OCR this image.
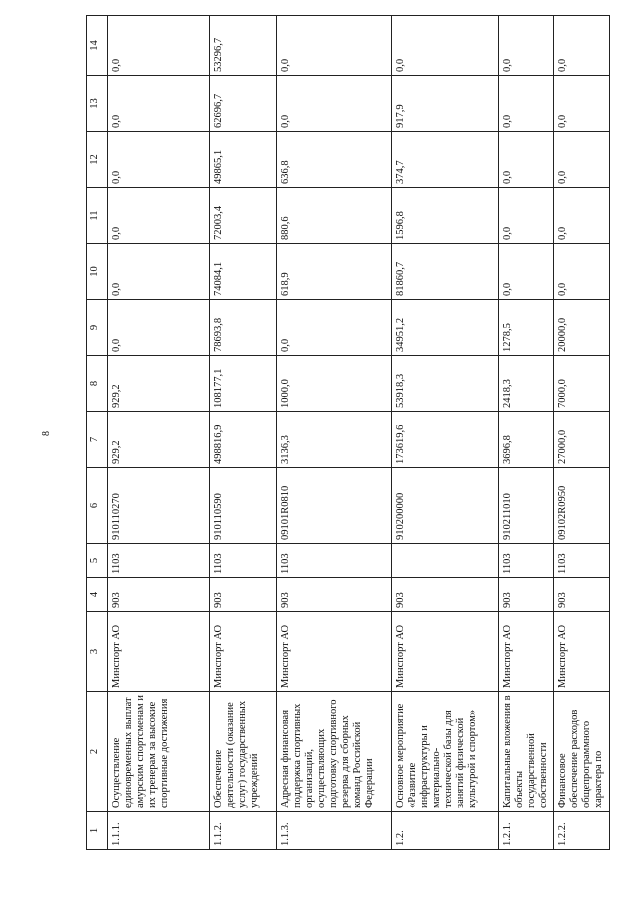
8
1	2	3	4	5	6	7	8	9	10	11	12	13	14
1.1.1.	Осуществление единовременных выплат амурским спортсменам и их тренерам за высокие спортивные достижения	Минспорт АО	903	1103	910110270	929,2	929,2	0,0	0,0	0,0	0,0	0,0	0,0
1.1.2.	Обеспечение деятельности (оказание услуг) государственных учреждений	Минспорт АО	903	1103	910110590	498816,9	108177,1	78693,8	74084,1	72003,4	49865,1	62696,7	53296,7
1.1.3.	Адресная финансовая поддержка спортивных организаций, осуществляющих подготовку спортивного резерва для сборных команд Российской Федерации	Минспорт АО	903	1103	09101R0810	3136,3	1000,0	0,0	618,9	880,6	636,8	0,0	0,0
1.2.	Основное мероприятие «Развитие инфраструктуры и материально-технической базы для занятий физической культурой и спортом»	Минспорт АО	903		910200000	173619,6	53918,3	34951,2	81860,7	1596,8	374,7	917,9	0,0
1.2.1.	Капитальные вложения в объекты государственной собственности	Минспорт АО	903	1103	910211010	3696,8	2418,3	1278,5	0,0	0,0	0,0	0,0	0,0
1.2.2.	Финансовое обеспечение расходов общепрограммного характера по	Минспорт АО	903	1103	09102R0950	27000,0	7000,0	20000,0	0,0	0,0	0,0	0,0	0,0
